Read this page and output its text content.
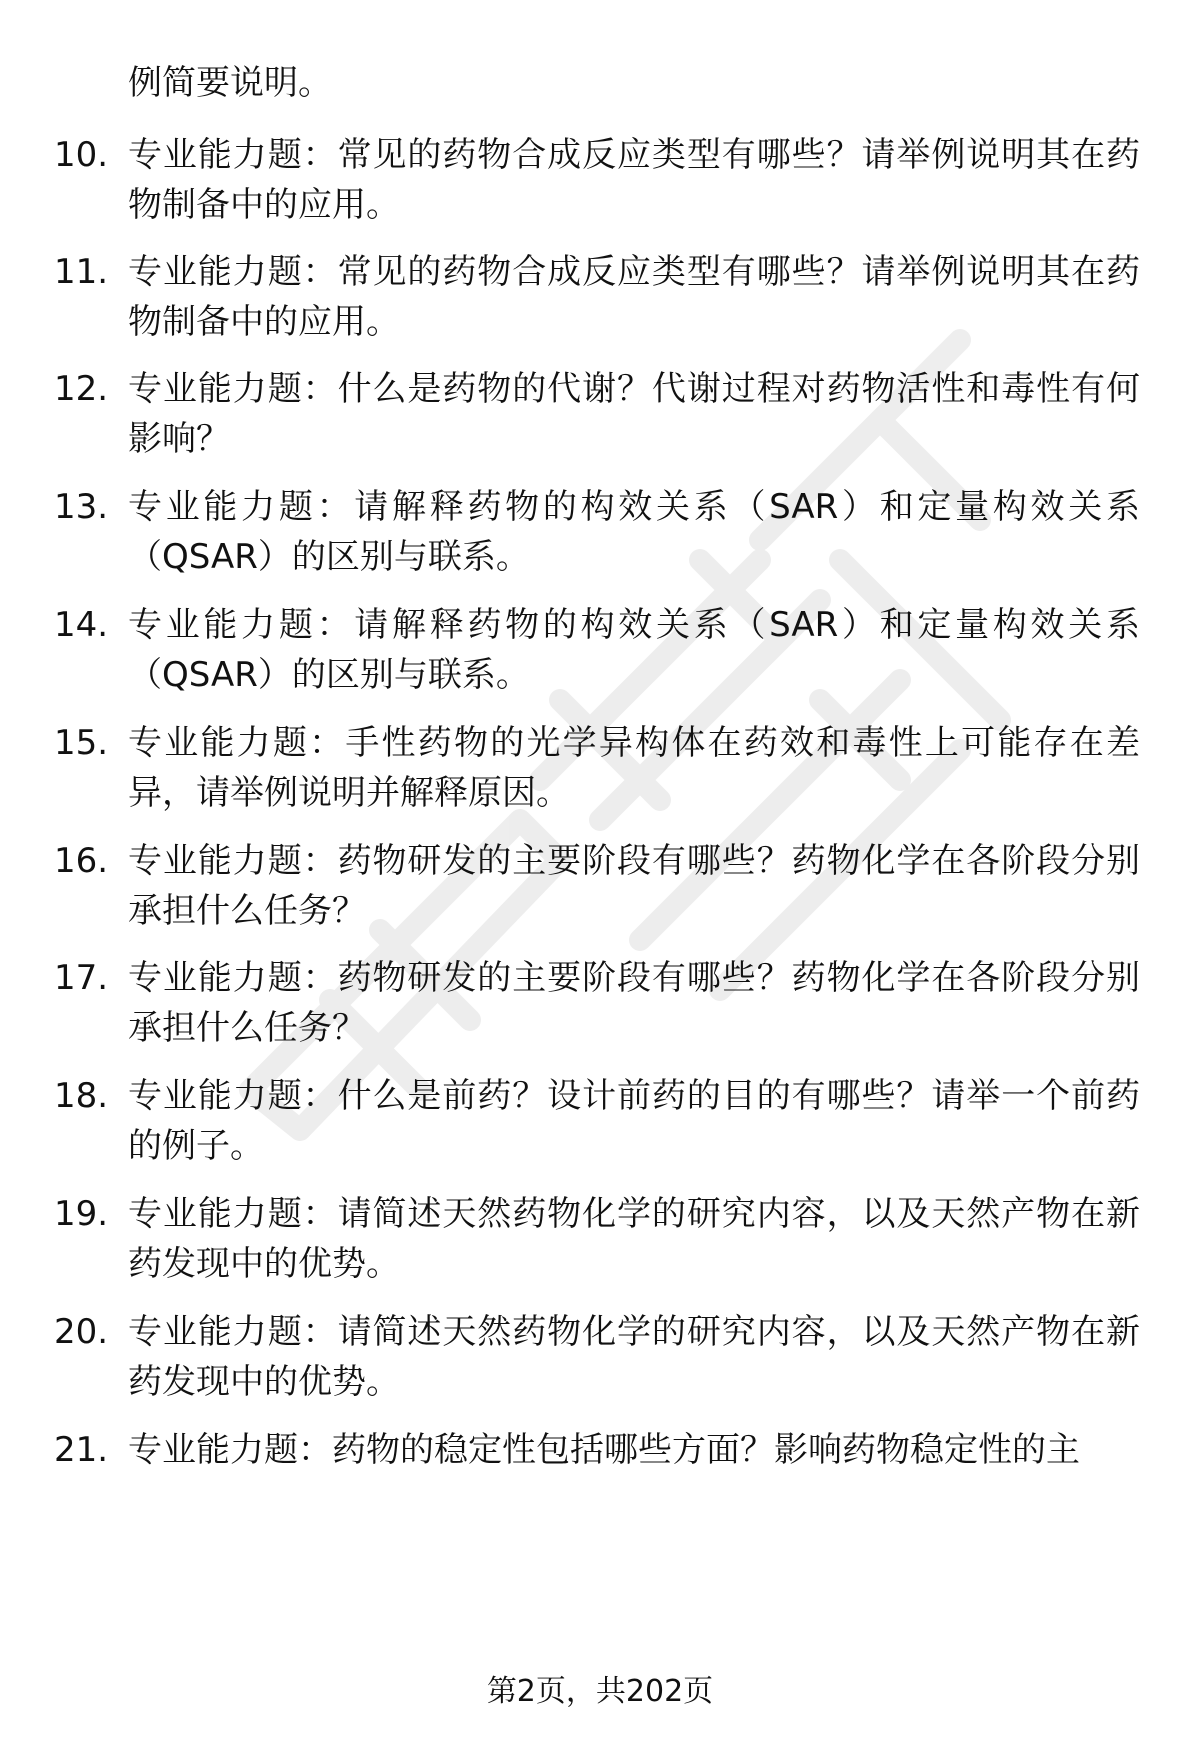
例简要说明。

10. 专业能力题：常见的药物合成反应类型有哪些？请举例说明其在药物制备中的应用。
11. 专业能力题：常见的药物合成反应类型有哪些？请举例说明其在药物制备中的应用。
12. 专业能力题：什么是药物的代谢？代谢过程对药物活性和毒性有何影响？
13. 专业能力题：请解释药物的构效关系（SAR）和定量构效关系（QSAR）的区别与联系。
14. 专业能力题：请解释药物的构效关系（SAR）和定量构效关系（QSAR）的区别与联系。
15. 专业能力题：手性药物的光学异构体在药效和毒性上可能存在差异，请举例说明并解释原因。
16. 专业能力题：药物研发的主要阶段有哪些？药物化学在各阶段分别承担什么任务？
17. 专业能力题：药物研发的主要阶段有哪些？药物化学在各阶段分别承担什么任务？
18. 专业能力题：什么是前药？设计前药的目的有哪些？请举一个前药的例子。
19. 专业能力题：请简述天然药物化学的研究内容，以及天然产物在新药发现中的优势。
20. 专业能力题：请简述天然药物化学的研究内容，以及天然产物在新药发现中的优势。
21. 专业能力题：药物的稳定性包括哪些方面？影响药物稳定性的主
第2页，共202页
